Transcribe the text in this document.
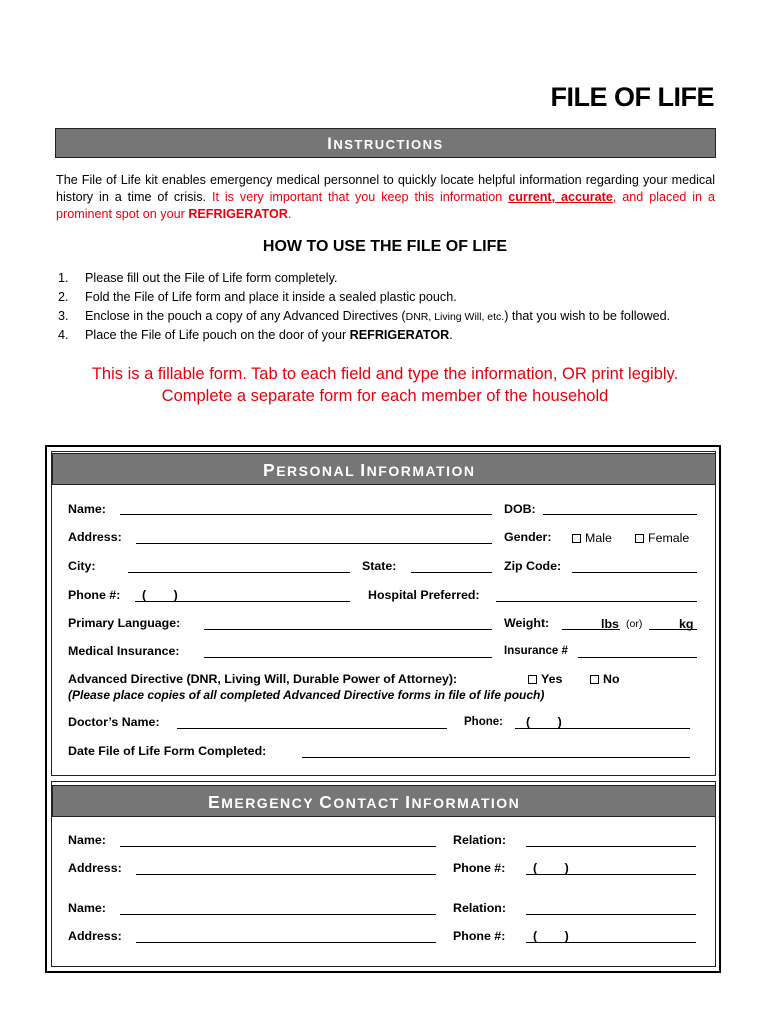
FILE OF LIFE
INSTRUCTIONS

The File of Life kit enables emergency medical personnel to quickly locate helpful information regarding your medical history in a time of crisis. It is very important that you keep this information current, accurate, and placed in a prominent spot on your REFRIGERATOR.

HOW TO USE THE FILE OF LIFE
1. Please fill out the File of Life form completely.
2. Fold the File of Life form and place it inside a sealed plastic pouch.
3. Enclose in the pouch a copy of any Advanced Directives (DNR, Living Will, etc.) that you wish to be followed.
4. Place the File of Life pouch on the door of your REFRIGERATOR.

This is a fillable form. Tab to each field and type the information, OR print legibly.

Complete a separate form for each member of the household

PERSONAL INFORMATION
Name:	DOB:
Address:	Gender:	Male	Female
City:	State:	Zip Code:
Phone #: (        )	Hospital Preferred:
Primary Language:	Weight:	lbs (or)	kg
Medical Insurance:	Insurance #
Advanced Directive (DNR, Living Will, Durable Power of Attorney):	Yes	No
(Please place copies of all completed Advanced Directive forms in file of life pouch)
Doctor’s Name:	Phone: (        )
Date File of Life Form Completed:
EMERGENCY CONTACT INFORMATION
Name:	Relation:
Address:	Phone #: (        )
Name:	Relation:
Address:	Phone #: (        )
